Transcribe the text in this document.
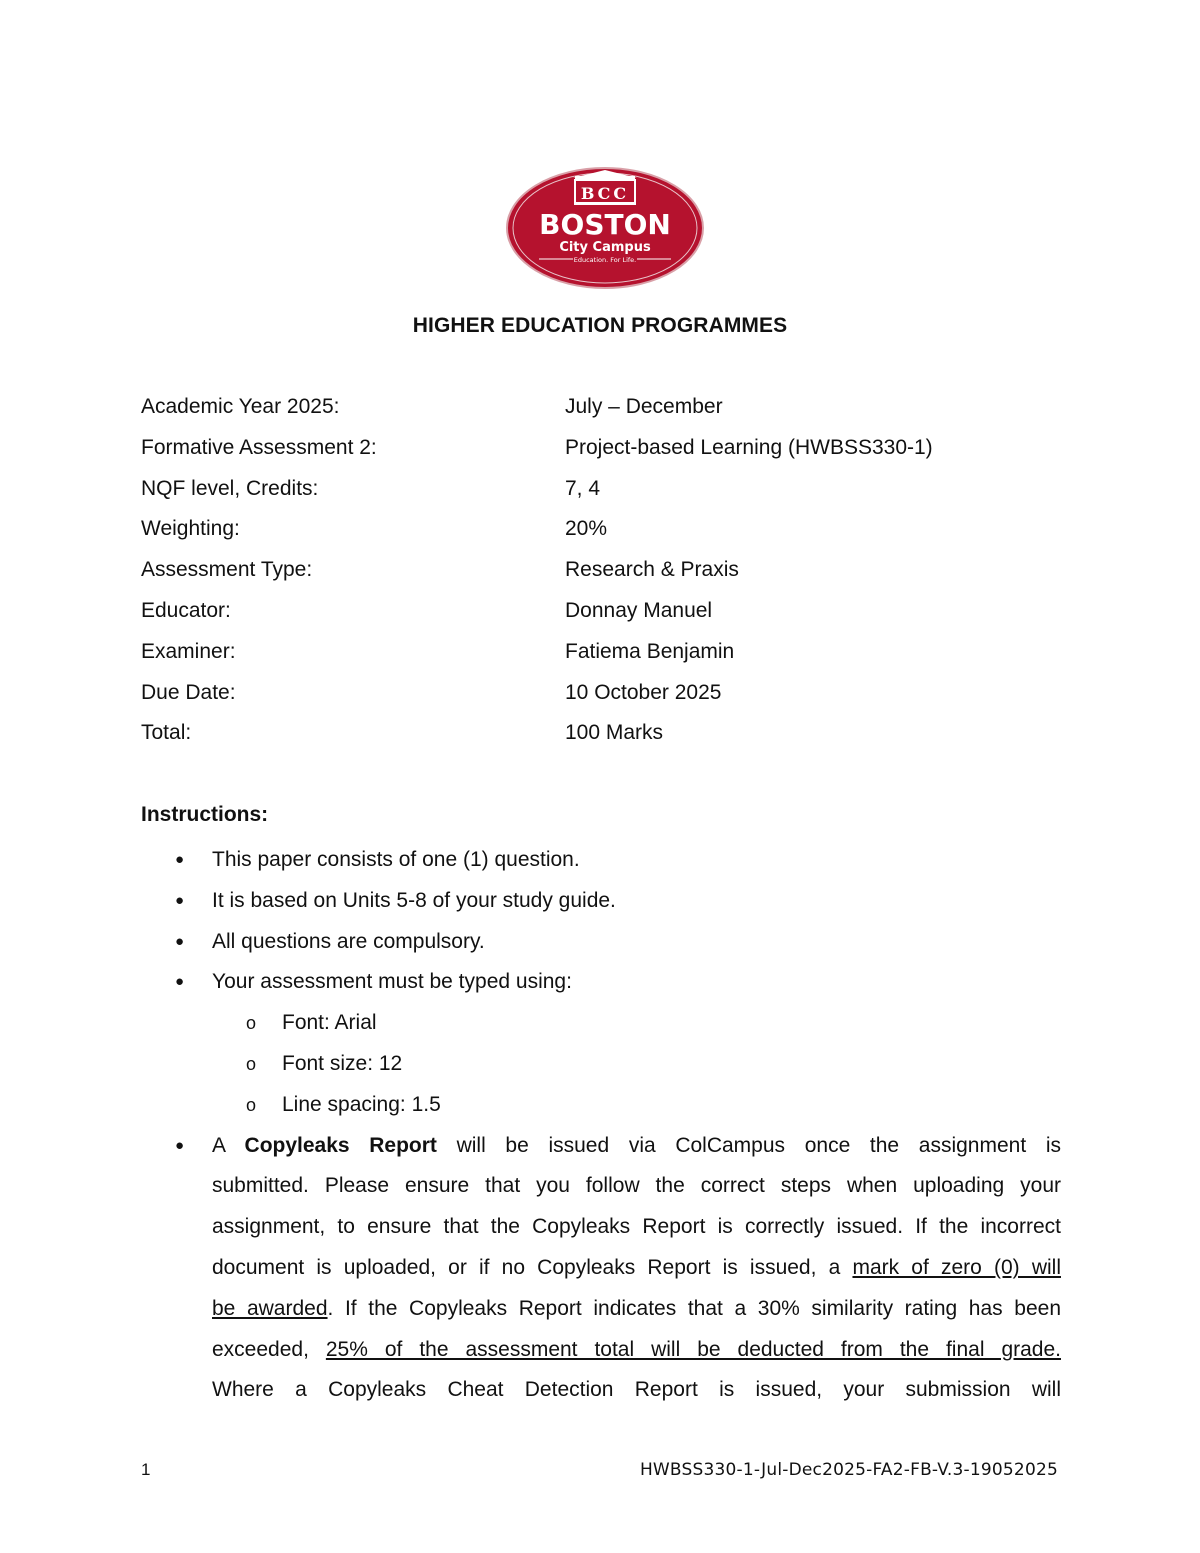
BCC
BOSTON
City Campus
Education. For Life.
HIGHER EDUCATION PROGRAMMES
Academic Year 2025:	July – December
Formative Assessment 2:	Project-based Learning (HWBSS330-1)
NQF level, Credits:	7, 4
Weighting:	20%
Assessment Type:	Research & Praxis
Educator:	Donnay Manuel
Examiner:	Fatiema Benjamin
Due Date:	10 October 2025
Total:	100 Marks
Instructions:
● This paper consists of one (1) question.
● It is based on Units 5-8 of your study guide.
● All questions are compulsory.
● Your assessment must be typed using:
o Font: Arial
o Font size: 12
o Line spacing: 1.5
● A Copyleaks Report will be issued via ColCampus once the assignment is
submitted. Please ensure that you follow the correct steps when uploading your
assignment, to ensure that the Copyleaks Report is correctly issued. If the incorrect
document is uploaded, or if no Copyleaks Report is issued, a mark of zero (0) will
be awarded. If the Copyleaks Report indicates that a 30% similarity rating has been
exceeded, 25% of the assessment total will be deducted from the final grade.
Where a Copyleaks Cheat Detection Report is issued, your submission will
1	HWBSS330-1-Jul-Dec2025-FA2-FB-V.3-19052025
